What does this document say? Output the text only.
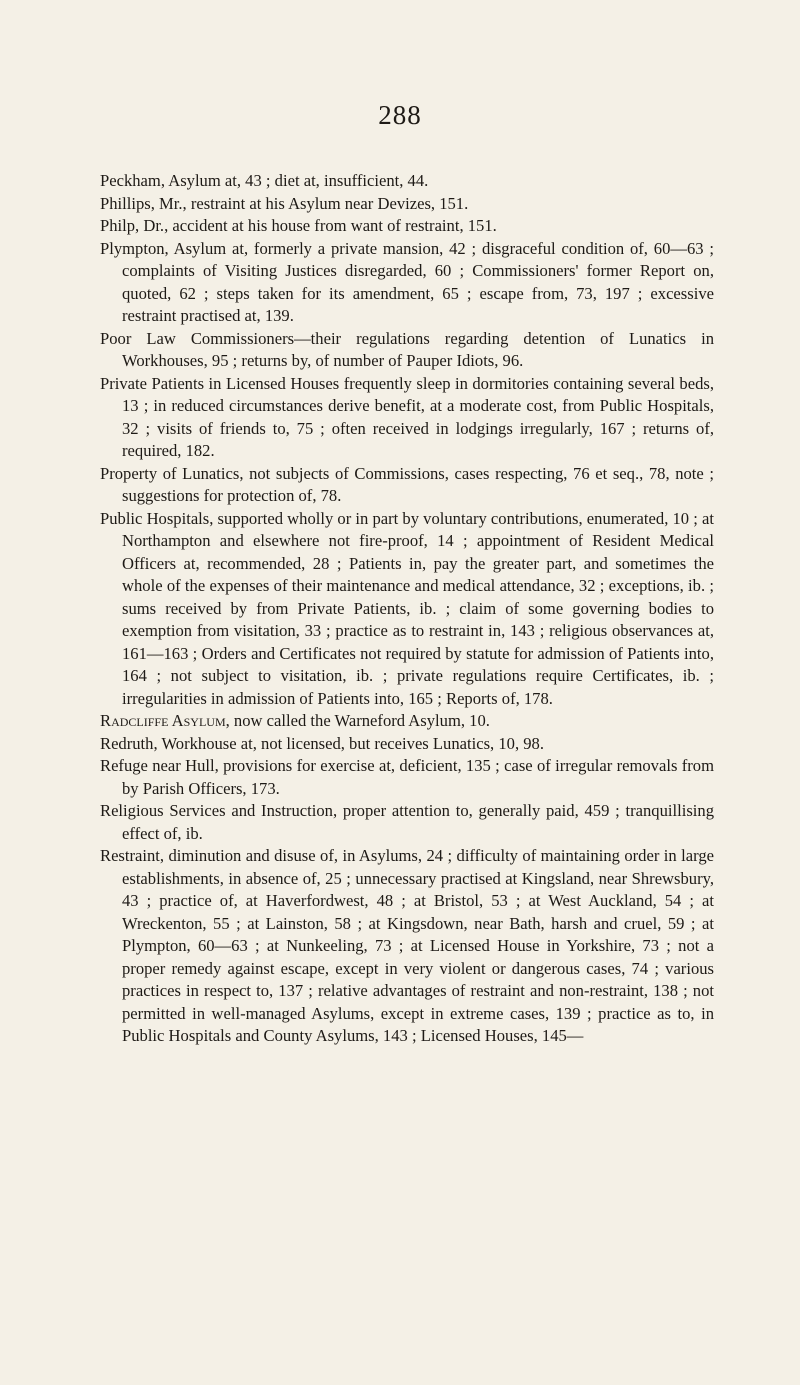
288

Peckham, Asylum at, 43 ; diet at, insufficient, 44.

Phillips, Mr., restraint at his Asylum near Devizes, 151.

Philp, Dr., accident at his house from want of restraint, 151.

Plympton, Asylum at, formerly a private mansion, 42 ; disgraceful condition of, 60—63 ; complaints of Visiting Justices disregarded, 60 ; Commissioners' former Report on, quoted, 62 ; steps taken for its amendment, 65 ; escape from, 73, 197 ; excessive restraint practised at, 139.

Poor Law Commissioners—their regulations regarding detention of Lunatics in Workhouses, 95 ; returns by, of number of Pauper Idiots, 96.

Private Patients in Licensed Houses frequently sleep in dormitories containing several beds, 13 ; in reduced circumstances derive benefit, at a moderate cost, from Public Hospitals, 32 ; visits of friends to, 75 ; often received in lodgings irregularly, 167 ; returns of, required, 182.

Property of Lunatics, not subjects of Commissions, cases respecting, 76 et seq., 78, note ; suggestions for protection of, 78.

Public Hospitals, supported wholly or in part by voluntary contributions, enumerated, 10 ; at Northampton and elsewhere not fire-proof, 14 ; appointment of Resident Medical Officers at, recommended, 28 ; Patients in, pay the greater part, and sometimes the whole of the expenses of their maintenance and medical attendance, 32 ; exceptions, ib. ; sums received by from Private Patients, ib. ; claim of some governing bodies to exemption from visitation, 33 ; practice as to restraint in, 143 ; religious observances at, 161—163 ; Orders and Certificates not required by statute for admission of Patients into, 164 ; not subject to visitation, ib. ; private regulations require Certificates, ib. ; irregularities in admission of Patients into, 165 ; Reports of, 178.

Radcliffe Asylum, now called the Warneford Asylum, 10.

Redruth, Workhouse at, not licensed, but receives Lunatics, 10, 98.

Refuge near Hull, provisions for exercise at, deficient, 135 ; case of irregular removals from by Parish Officers, 173.

Religious Services and Instruction, proper attention to, generally paid, 459 ; tranquillising effect of, ib.

Restraint, diminution and disuse of, in Asylums, 24 ; difficulty of maintaining order in large establishments, in absence of, 25 ; unnecessary practised at Kingsland, near Shrewsbury, 43 ; practice of, at Haverfordwest, 48 ; at Bristol, 53 ; at West Auckland, 54 ; at Wreckenton, 55 ; at Lainston, 58 ; at Kingsdown, near Bath, harsh and cruel, 59 ; at Plympton, 60—63 ; at Nunkeeling, 73 ; at Licensed House in Yorkshire, 73 ; not a proper remedy against escape, except in very violent or dangerous cases, 74 ; various practices in respect to, 137 ; relative advantages of restraint and non-restraint, 138 ; not permitted in well-managed Asylums, except in extreme cases, 139 ; practice as to, in Public Hospitals and County Asylums, 143 ; Licensed Houses, 145—
